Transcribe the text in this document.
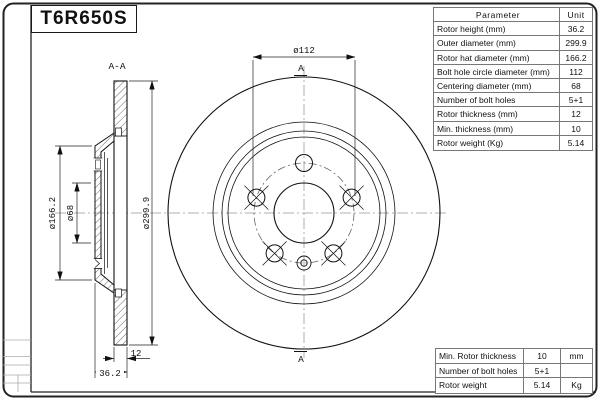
A-A
ø166.2 ø68	ø299.9
12
36.2
ø112
A
A
T6R650S	Parameter	Unit
Rotor height (mm)	36.2
Outer diameter (mm)	299.9
Rotor hat diameter (mm)	166.2
Bolt hole circle diameter (mm)	112
Centering diameter (mm)	68
Number of bolt holes	5+1
Rotor thickness (mm)	12
Min. thickness (mm)	10
Rotor weight (Kg)	5.14
Min. Rotor thickness	10	mm
Number of bolt holes	5+1
Rotor weight	5.14	Kg
